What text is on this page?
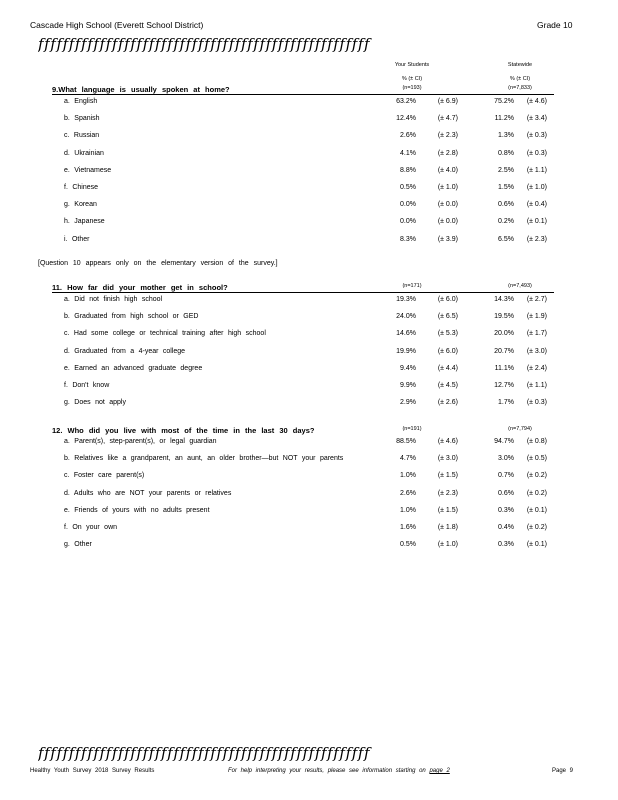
Cascade High School (Everett School District)	Grade 10
ffffffffffffffffffffffffffffffffffffffffffffffffffffff
Your Students	Statewide
% (± CI)	% (± CI)
9.What language is usually spoken at home?	(n=193)	(n=7,833)
a. English	63.2%	(± 6.9)	75.2%	(± 4.6)
b. Spanish	12.4%	(± 4.7)	11.2%	(± 3.4)
c. Russian	2.6%	(± 2.3)	1.3%	(± 0.3)
d. Ukrainian	4.1%	(± 2.8)	0.8%	(± 0.3)
e. Vietnamese	8.8%	(± 4.0)	2.5%	(± 1.1)
f. Chinese	0.5%	(± 1.0)	1.5%	(± 1.0)
g. Korean	0.0%	(± 0.0)	0.6%	(± 0.4)
h. Japanese	0.0%	(± 0.0)	0.2%	(± 0.1)
i. Other	8.3%	(± 3.9)	6.5%	(± 2.3)
[Question 10 appears only on the elementary version of the survey.]
11. How far did your mother get in school?	(n=171)	(n=7,493)
a. Did not finish high school	19.3%	(± 6.0)	14.3%	(± 2.7)
b. Graduated from high school or GED	24.0%	(± 6.5)	19.5%	(± 1.9)
c. Had some college or technical training after high school	14.6%	(± 5.3)	20.0%	(± 1.7)
d. Graduated from a 4-year college	19.9%	(± 6.0)	20.7%	(± 3.0)
e. Earned an advanced graduate degree	9.4%	(± 4.4)	11.1%	(± 2.4)
f. Don't know	9.9%	(± 4.5)	12.7%	(± 1.1)
g. Does not apply	2.9%	(± 2.6)	1.7%	(± 0.3)
12. Who did you live with most of the time in the last 30 days?	(n=191)	(n=7,794)
a. Parent(s), step-parent(s), or legal guardian	88.5%	(± 4.6)	94.7%	(± 0.8)
b. Relatives like a grandparent, an aunt, an older brother—but NOT your parents	4.7%	(± 3.0)	3.0%	(± 0.5)
c. Foster care parent(s)	1.0%	(± 1.5)	0.7%	(± 0.2)
d. Adults who are NOT your parents or relatives	2.6%	(± 2.3)	0.6%	(± 0.2)
e. Friends of yours with no adults present	1.0%	(± 1.5)	0.3%	(± 0.1)
f. On your own	1.6%	(± 1.8)	0.4%	(± 0.2)
g. Other	0.5%	(± 1.0)	0.3%	(± 0.1)
ffffffffffffffffffffffffffffffffffffffffffffffffffffff
Healthy Youth Survey 2018 Survey Results	For help interpreting your results, please see information starting on page 2	Page 9
